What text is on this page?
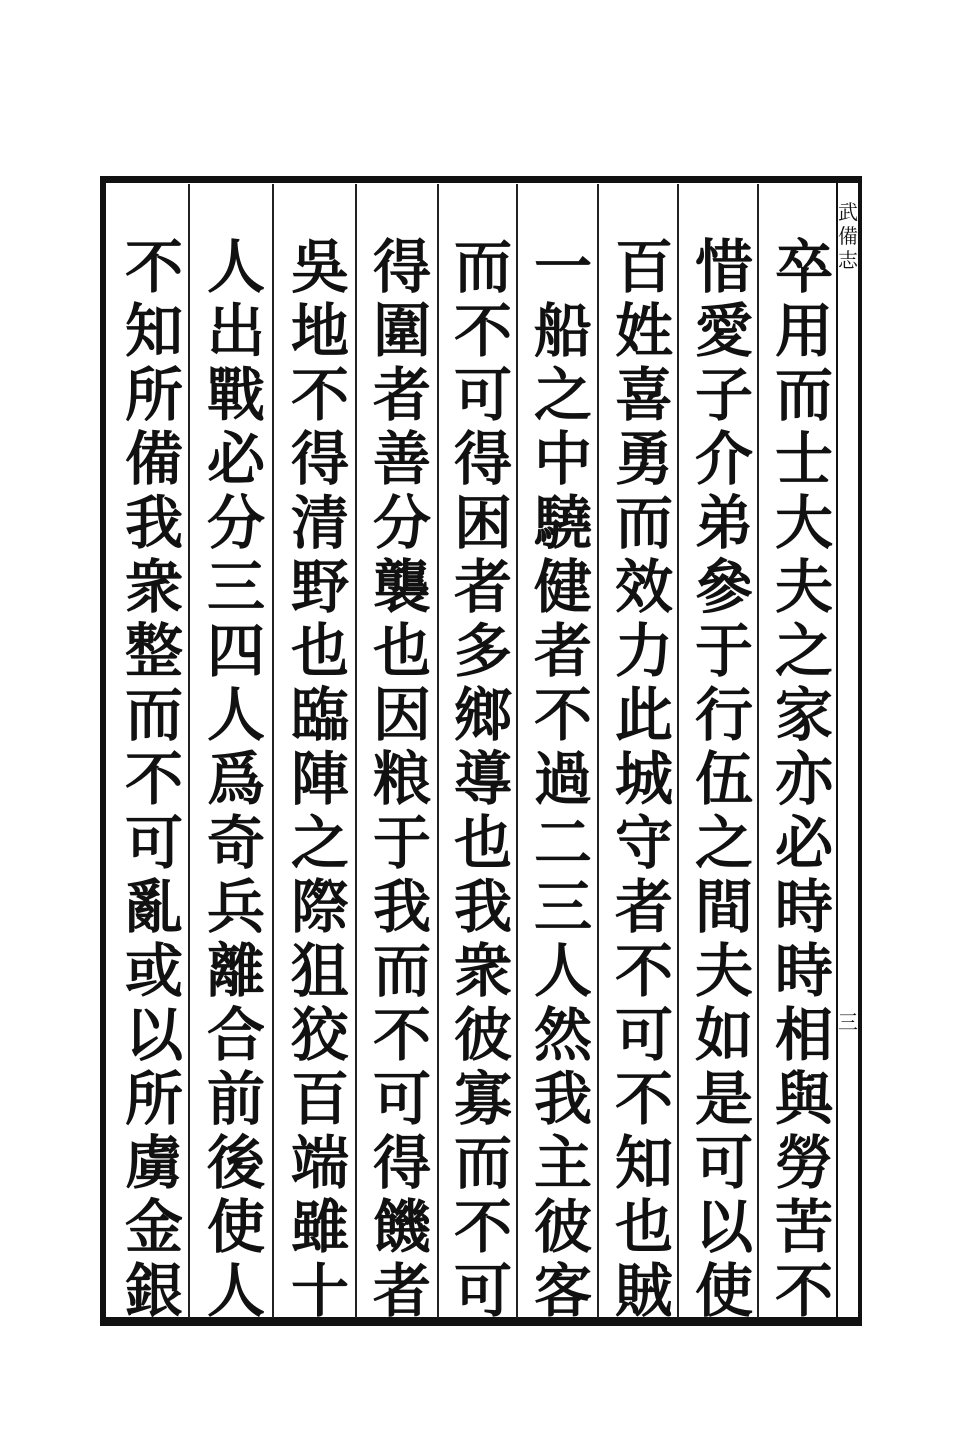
武備志
三
卒用而士大夫之家亦必時時相與勞苦不
惜愛子介弟參于行伍之間夫如是可以使
百姓喜勇而效力此城守者不可不知也賊
一船之中驍健者不過二三人然我主彼客
而不可得困者多鄉導也我衆彼寡而不可
得圍者善分襲也因粮于我而不可得饑者
吳地不得清野也臨陣之際狙狡百端雖十
人出戰必分三四人爲奇兵離合前後使人
不知所備我衆整而不可亂或以所虜金銀
